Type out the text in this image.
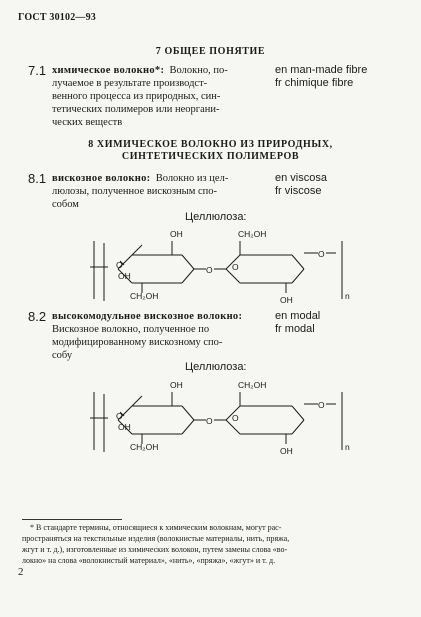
ГОСТ 30102—93
7 ОБЩЕЕ ПОНЯТИЕ
7.1 химическое волокно*: Волокно, по-
лучаемое в результате производст-
венного процесса из природных, син-
тетических полимеров или неоргани-
ческих веществ
en man-made fibre
fr chimique fibre
8 ХИМИЧЕСКОЕ ВОЛОКНО ИЗ ПРИРОДНЫХ,
СИНТЕТИЧЕСКИХ ПОЛИМЕРОВ
8.1 вискозное волокно: Волокно из цел-
люлозы, полученное вискозным спо-
собом
en viscosa
fr viscose
Целлюлоза:
O
OH
OH
CH₂OH
O
CH₂OH
O
OH
O
n
8.2 высокомодульное вискозное волокно:
Вискозное волокно, полученное по
модифицированному вискозному спо-
собу
en modal
fr modal
Целлюлоза:
O
OH
OH
CH₂OH
O
CH₂OH
O
OH
O
n
* В стандарте термины, относящиеся к химическим волокнам, могут рас-
пространяться на текстильные изделия (волокнистые материалы, нить, пряжа,
жгут и т. д.), изготовленные из химических волокон, путем замены слова «во-
локно» на слова «волокнистый материал», «нить», «пряжа», «жгут» и т. д.
2
